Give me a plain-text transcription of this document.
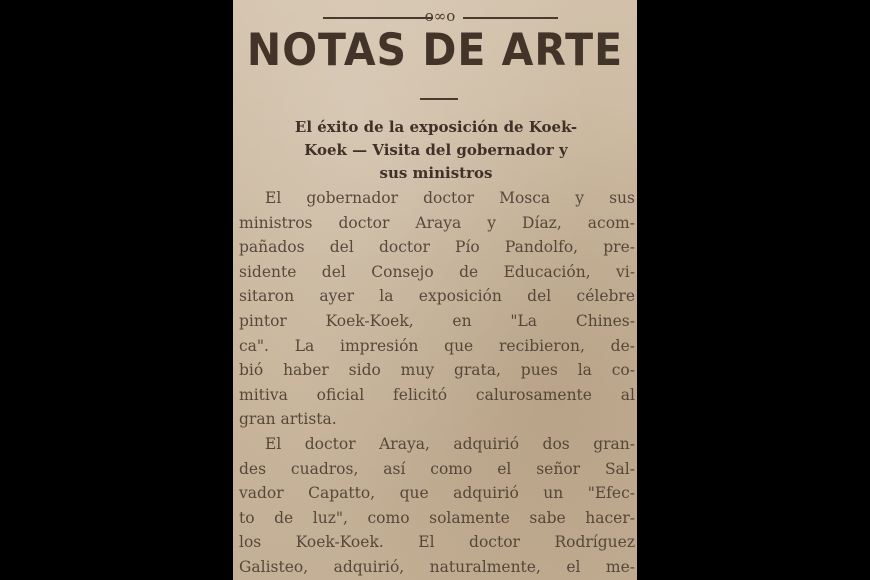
o∞o
NOTAS DE ARTE
El éxito de la exposición de Koek-
Koek — Visita del gobernador y
sus ministros
El gobernador doctor Mosca y sus
ministros doctor Araya y Díaz, acom-
pañados del doctor Pío Pandolfo, pre-
sidente del Consejo de Educación, vi-
sitaron ayer la exposición del célebre
pintor Koek-Koek, en "La Chines-
ca". La impresión que recibieron, de-
bió haber sido muy grata, pues la co-
mitiva oficial felicitó calurosamente al
gran artista.
El doctor Araya, adquirió dos gran-
des cuadros, así como el señor Sal-
vador Capatto, que adquirió un "Efec-
to de luz", como solamente sabe hacer-
los Koek-Koek. El doctor Rodríguez
Galisteo, adquirió, naturalmente, el me-
